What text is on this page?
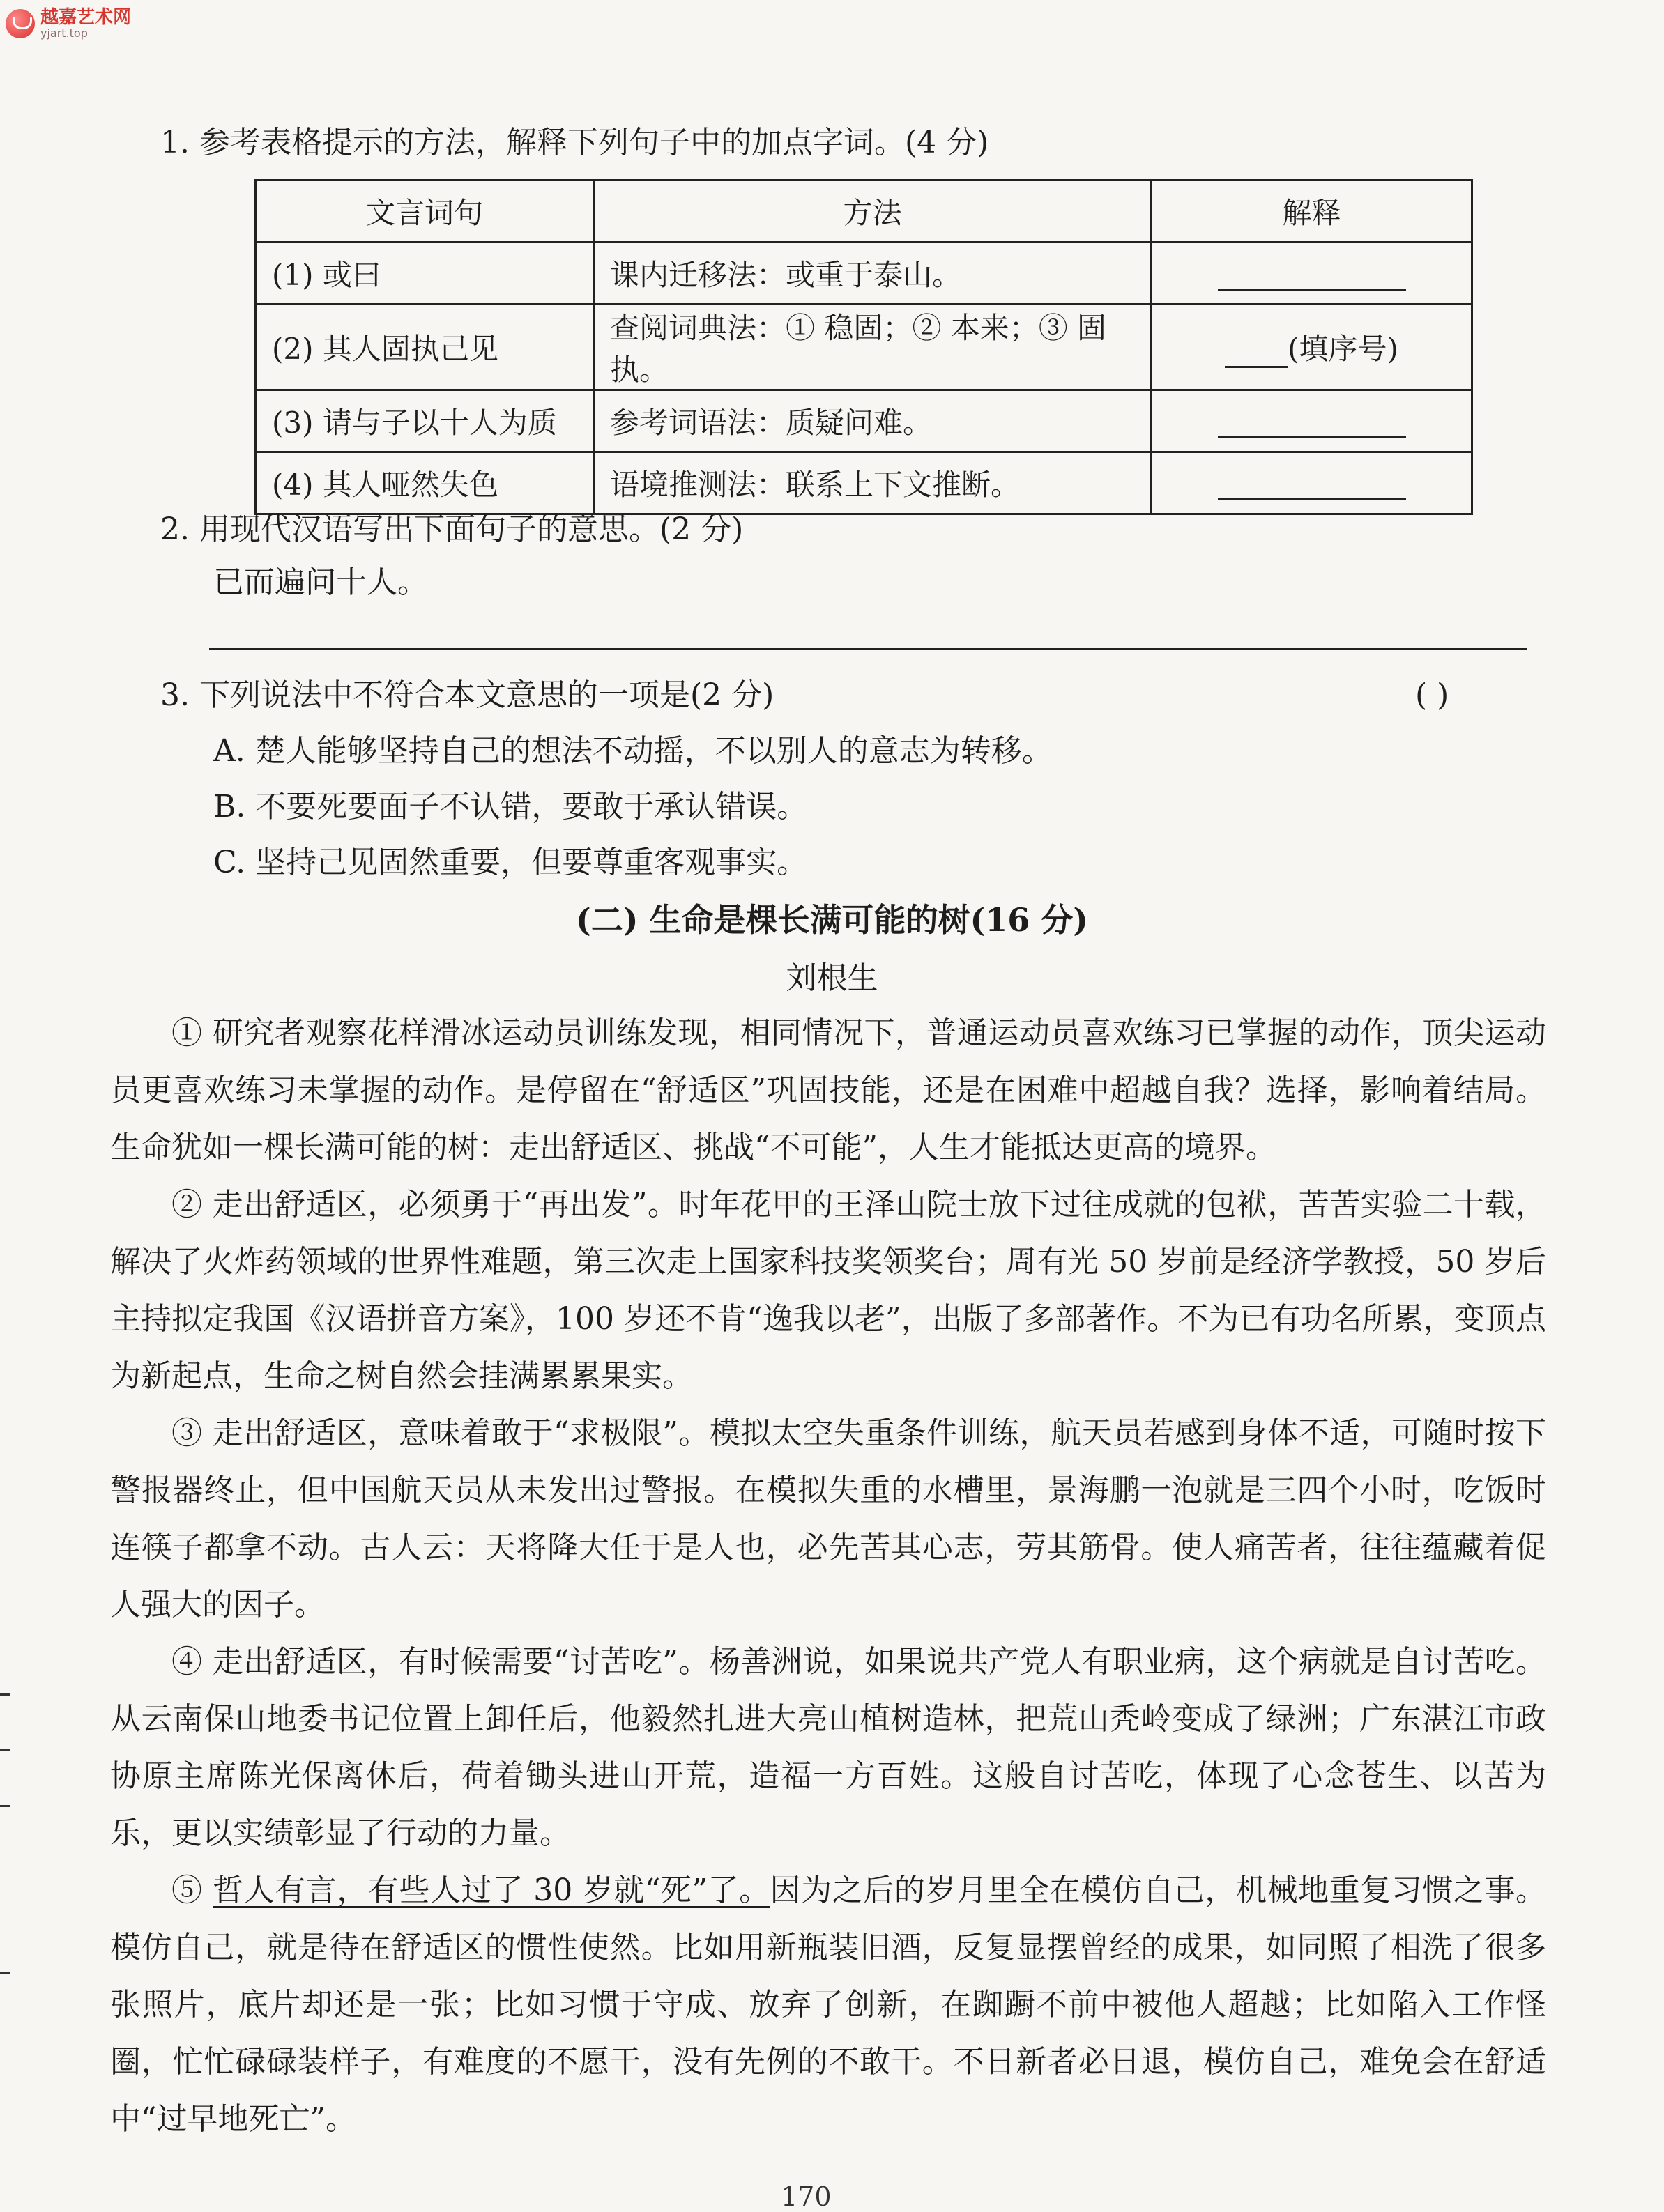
越嘉艺术网
yjart.top
1. 参考表格提示的方法，解释下列句子中的加点字词。(4 分)
文言词句	方法	解释
(1) 或曰	课内迁移法：或重于泰山。	
(2) 其人固执己见	查阅词典法：① 稳固；② 本来；③ 固执。	(填序号)
(3) 请与子以十人为质	参考词语法：质疑问难。	
(4) 其人哑然失色	语境推测法：联系上下文推断。	
2. 用现代汉语写出下面句子的意思。(2 分)
已而遍问十人。
3. 下列说法中不符合本文意思的一项是(2 分)	( )
A. 楚人能够坚持自己的想法不动摇，不以别人的意志为转移。
B. 不要死要面子不认错，要敢于承认错误。
C. 坚持己见固然重要，但要尊重客观事实。
(二) 生命是棵长满可能的树(16 分)
刘根生

① 研究者观察花样滑冰运动员训练发现，相同情况下，普通运动员喜欢练习已掌握的动作，顶尖运动员更喜欢练习未掌握的动作。是停留在“舒适区”巩固技能，还是在困难中超越自我？选择，影响着结局。生命犹如一棵长满可能的树：走出舒适区、挑战“不可能”，人生才能抵达更高的境界。

② 走出舒适区，必须勇于“再出发”。时年花甲的王泽山院士放下过往成就的包袱，苦苦实验二十载，解决了火炸药领域的世界性难题，第三次走上国家科技奖领奖台；周有光 50 岁前是经济学教授，50 岁后主持拟定我国《汉语拼音方案》，100 岁还不肯“逸我以老”，出版了多部著作。不为已有功名所累，变顶点为新起点，生命之树自然会挂满累累果实。

③ 走出舒适区，意味着敢于“求极限”。模拟太空失重条件训练，航天员若感到身体不适，可随时按下警报器终止，但中国航天员从未发出过警报。在模拟失重的水槽里，景海鹏一泡就是三四个小时，吃饭时连筷子都拿不动。古人云：天将降大任于是人也，必先苦其心志，劳其筋骨。使人痛苦者，往往蕴藏着促人强大的因子。

④ 走出舒适区，有时候需要“讨苦吃”。杨善洲说，如果说共产党人有职业病，这个病就是自讨苦吃。从云南保山地委书记位置上卸任后，他毅然扎进大亮山植树造林，把荒山秃岭变成了绿洲；广东湛江市政协原主席陈光保离休后，荷着锄头进山开荒，造福一方百姓。这般自讨苦吃，体现了心念苍生、以苦为乐，更以实绩彰显了行动的力量。

⑤ 哲人有言，有些人过了 30 岁就“死”了。因为之后的岁月里全在模仿自己，机械地重复习惯之事。模仿自己，就是待在舒适区的惯性使然。比如用新瓶装旧酒，反复显摆曾经的成果，如同照了相洗了很多张照片，底片却还是一张；比如习惯于守成、放弃了创新，在踟蹰不前中被他人超越；比如陷入工作怪圈，忙忙碌碌装样子，有难度的不愿干，没有先例的不敢干。不日新者必日退，模仿自己，难免会在舒适中“过早地死亡”。

170
